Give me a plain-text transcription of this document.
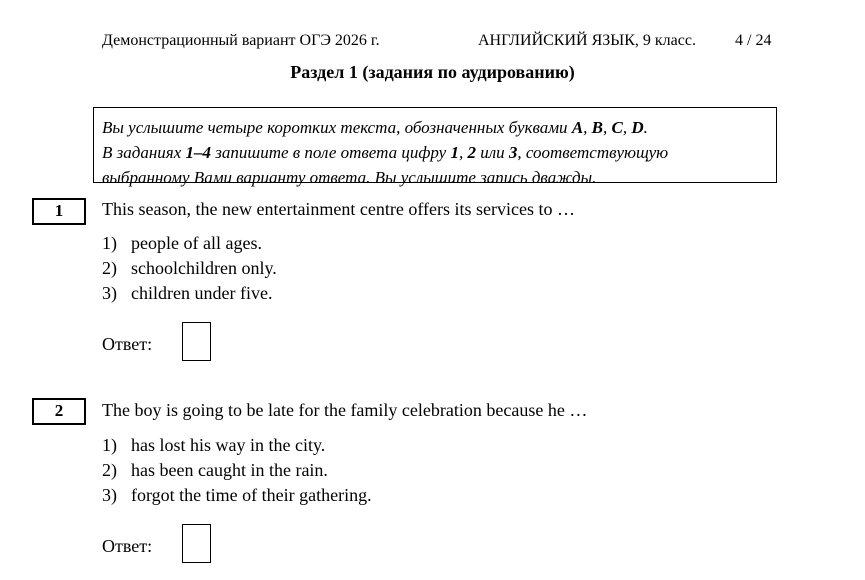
Демонстрационный вариант ОГЭ 2026 г.	АНГЛИЙСКИЙ ЯЗЫК, 9 класс. 4 / 24
Раздел 1 (задания по аудированию)
Вы услышите четыре коротких текста, обозначенных буквами A, B, C, D.
В заданиях 1–4 запишите в поле ответа цифру 1, 2 или 3, соответствующую
выбранному Вами варианту ответа. Вы услышите запись дважды.
1	This season, the new entertainment centre offers its services to …
1) people of all ages.
2) schoolchildren only.
3) children under five.
Ответ:
2	The boy is going to be late for the family celebration because he …
1) has lost his way in the city.
2) has been caught in the rain.
3) forgot the time of their gathering.
Ответ:
